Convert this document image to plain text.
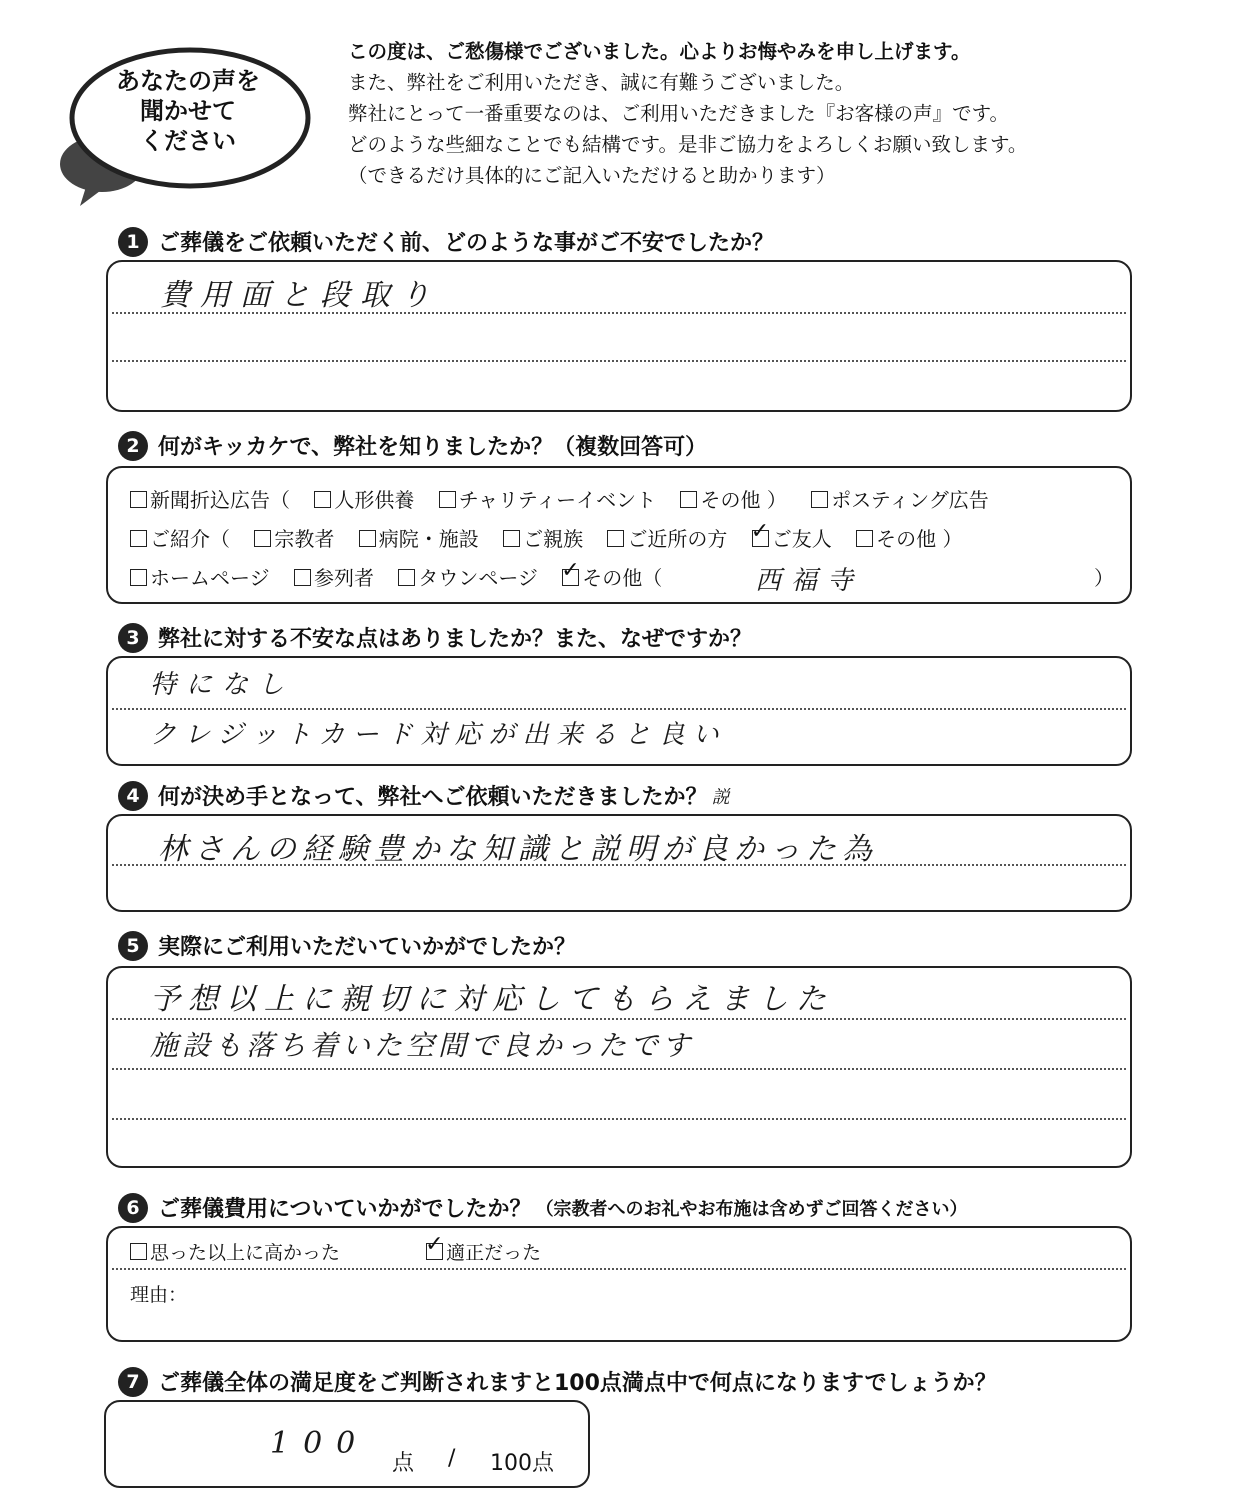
あなたの声を
聞かせて
ください
この度は、ご愁傷様でございました。心よりお悔やみを申し上げます。
また、弊社をご利用いただき、誠に有難うございました。
弊社にとって一番重要なのは、ご利用いただきました『お客様の声』です。
どのような些細なことでも結構です。是非ご協力をよろしくお願い致します。
（できるだけ具体的にご記入いただけると助かります）
1 ご葬儀をご依頼いただく前、どのような事がご不安でしたか？
費用面と段取り
2 何がキッカケで、弊社を知りましたか？（複数回答可）
新聞折込広告（ 人形供養 チャリティーイベント その他 ） ポスティング広告
ご紹介（ 宗教者 病院・施設 ご親族 ご近所の方 ✓ ご友人 その他 ）
ホームページ 参列者 タウンページ ✓ その他（	西福寺	）
3 弊社に対する不安な点はありましたか？また、なぜですか？
特になし
クレジットカード対応が出来ると良い
4 何が決め手となって、弊社へご依頼いただきましたか？ 説
林さんの経験豊かな知識と説明が良かった為
5 実際にご利用いただいていかがでしたか？
予想以上に親切に対応してもらえました
施設も落ち着いた空間で良かったです
6 ご葬儀費用についていかがでしたか？ （宗教者へのお礼やお布施は含めずご回答ください）
思った以上に高かった ✓	適正だった
理由：
7 ご葬儀全体の満足度をご判断されますと100点満点中で何点になりますでしょうか？
100
点 / 100点
